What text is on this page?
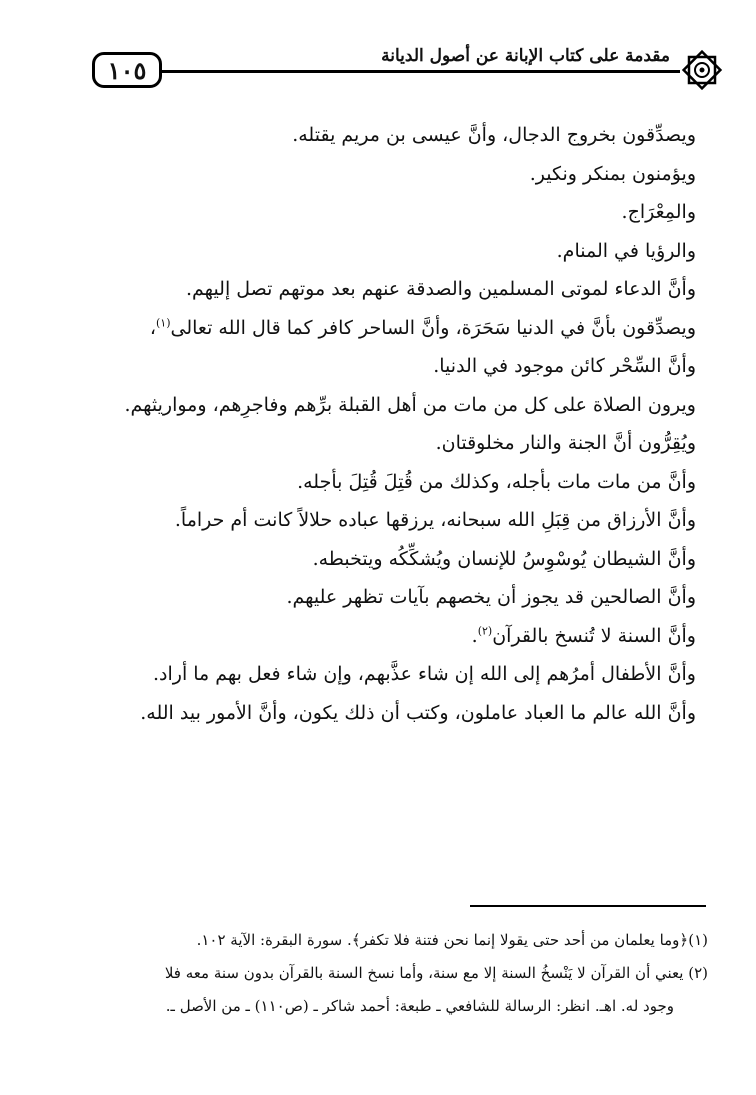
١٠٥	مقدمة على كتاب الإبانة عن أصول الديانة

ويصدِّقون بخروج الدجال، وأنَّ عيسى بن مريم يقتله.

ويؤمنون بمنكر ونكير.

والمِعْرَاج.

والرؤيا في المنام.

وأنَّ الدعاء لموتى المسلمين والصدقة عنهم بعد موتهم تصل إليهم.

ويصدِّقون بأنَّ في الدنيا سَحَرَة، وأنَّ الساحر كافر كما قال الله تعالى$^{(١)}$،

وأنَّ السِّحْر كائن موجود في الدنيا.

ويرون الصلاة على كل من مات من أهل القبلة برِّهم وفاجرِهم، ومواريثهم.

ويُقِرُّون أنَّ الجنة والنار مخلوقتان.

وأنَّ من مات مات بأجله، وكذلك من قُتِلَ قُتِلَ بأجله.

وأنَّ الأرزاق من قِبَلِ الله سبحانه، يرزقها عباده حلالاً كانت أم حراماً.

وأنَّ الشيطان يُوسْوِسُ للإنسان ويُشكِّكُه ويتخبطه.

وأنَّ الصالحين قد يجوز أن يخصهم بآيات تظهر عليهم.

وأنَّ السنة لا تُنسخ بالقرآن$^{(٢)}$.

وأنَّ الأطفال أمرُهم إلى الله إن شاء عذَّبهم، وإن شاء فعل بهم ما أراد.

وأنَّ الله عالم ما العباد عاملون، وكتب أن ذلك يكون، وأنَّ الأمور بيد الله.

(١)﴿وما يعلمان من أحد حتى يقولا إنما نحن فتنة فلا تكفر﴾. سورة البقرة: الآية ١٠٢.

(٢) يعني أن القرآن لا يَنْسخُ السنة إلا مع سنة، وأما نسخ السنة بالقرآن بدون سنة معه فلا

وجود له. اهـ. انظر: الرسالة للشافعي ـ طبعة: أحمد شاكر ـ (ص١١٠) ـ من الأصل ـ.
